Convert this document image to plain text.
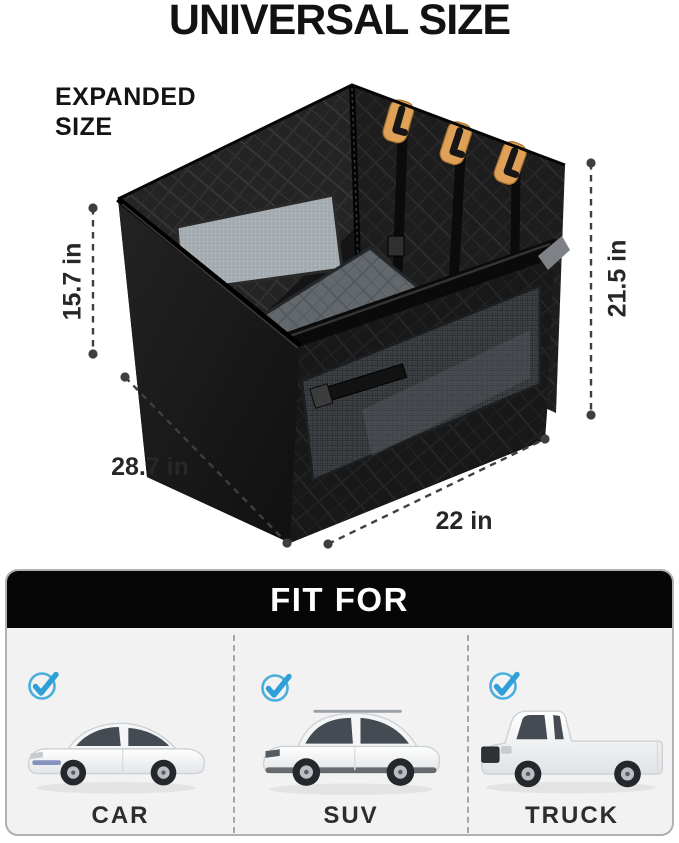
UNIVERSAL SIZE
EXPANDED
SIZE
15.7 in	21.5 in
28.7 in
22 in
FIT FOR
CAR	SUV	TRUCK
